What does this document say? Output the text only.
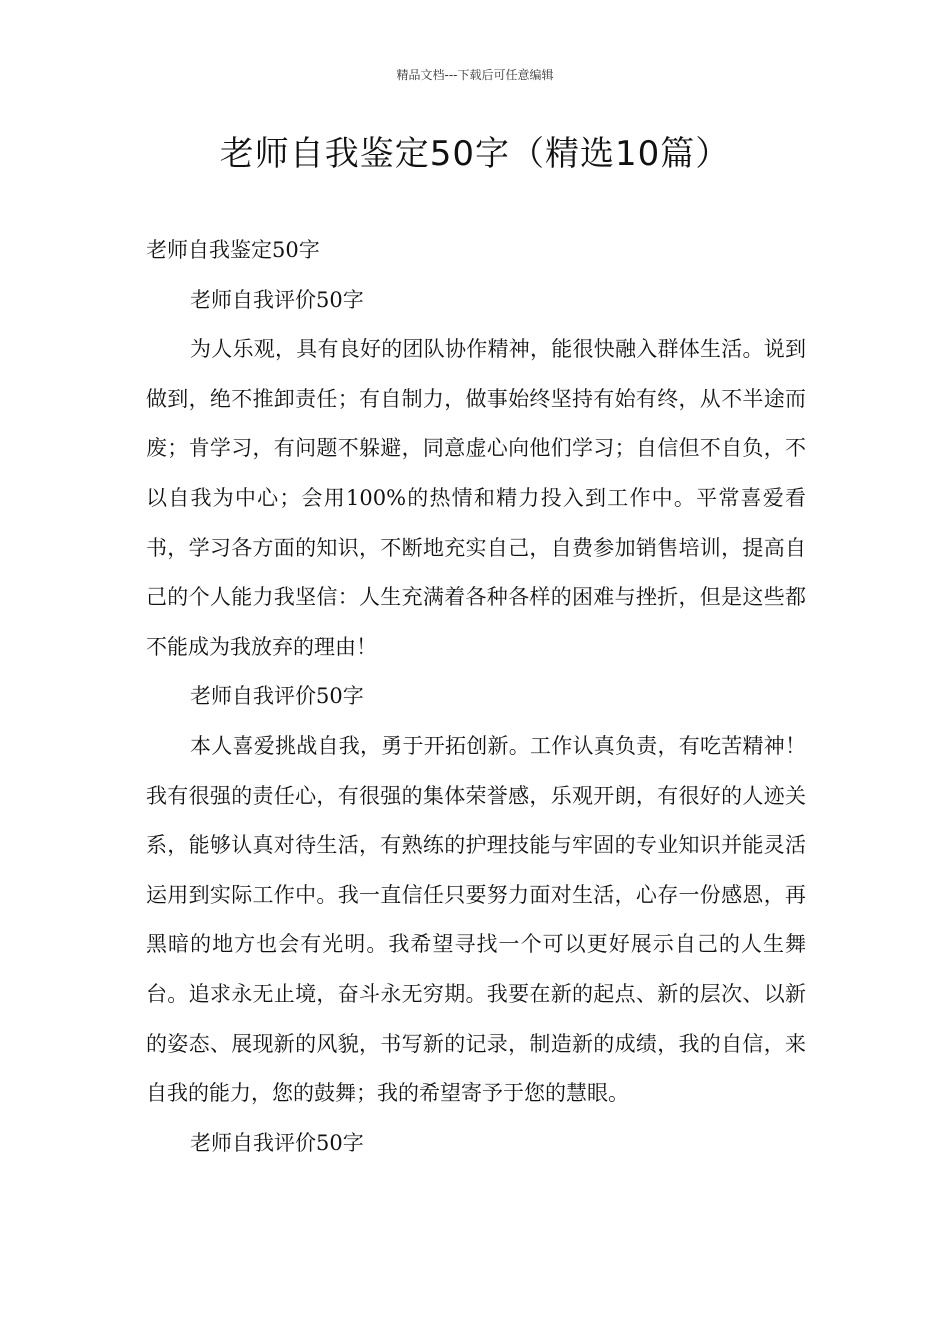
精品文档---下载后可任意编辑
老师自我鉴定50字（精选10篇）

老师自我鉴定50字

老师自我评价50字

为人乐观，具有良好的团队协作精神，能很快融入群体生活。说到做到，绝不推卸责任；有自制力，做事始终坚持有始有终，从不半途而废；肯学习，有问题不躲避，同意虚心向他们学习；自信但不自负，不以自我为中心；会用100%的热情和精力投入到工作中。平常喜爱看书，学习各方面的知识，不断地充实自己，自费参加销售培训，提高自己的个人能力我坚信：人生充满着各种各样的困难与挫折，但是这些都不能成为我放弃的理由！

老师自我评价50字

本人喜爱挑战自我，勇于开拓创新。工作认真负责，有吃苦精神！我有很强的责任心，有很强的集体荣誉感，乐观开朗，有很好的人迹关系，能够认真对待生活，有熟练的护理技能与牢固的专业知识并能灵活运用到实际工作中。我一直信任只要努力面对生活，心存一份感恩，再黑暗的地方也会有光明。我希望寻找一个可以更好展示自己的人生舞台。追求永无止境，奋斗永无穷期。我要在新的起点、新的层次、以新的姿态、展现新的风貌，书写新的记录，制造新的成绩，我的自信，来自我的能力，您的鼓舞；我的希望寄予于您的慧眼。

老师自我评价50字
